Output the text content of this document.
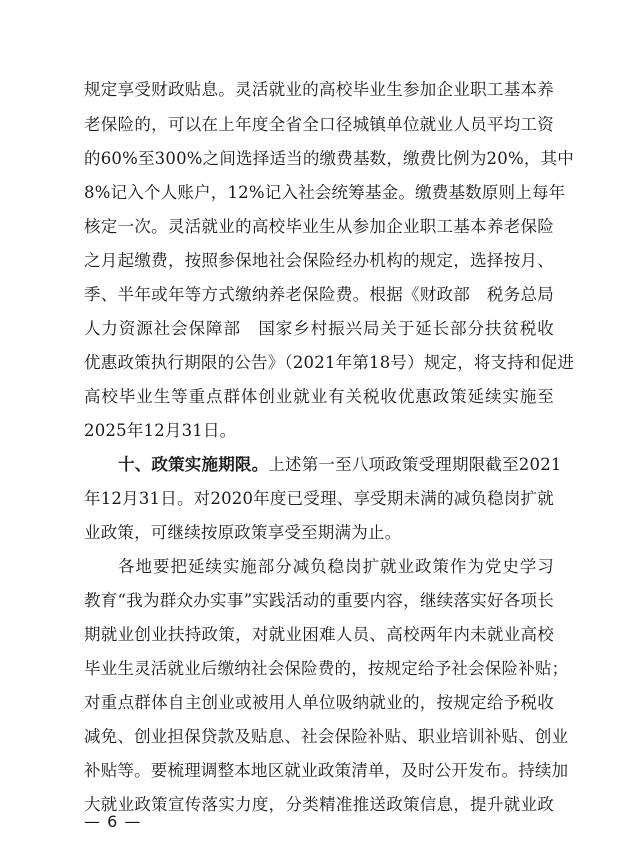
规定享受财政贴息。灵活就业的高校毕业生参加企业职工基本养
老保险的，可以在上年度全省全口径城镇单位就业人员平均工资
的60%至300%之间选择适当的缴费基数，缴费比例为20%，其中
8%记入个人账户，12%记入社会统筹基金。缴费基数原则上每年
核定一次。灵活就业的高校毕业生从参加企业职工基本养老保险
之月起缴费，按照参保地社会保险经办机构的规定，选择按月、
季、半年或年等方式缴纳养老保险费。根据《财政部　税务总局
人力资源社会保障部　国家乡村振兴局关于延长部分扶贫税收
优惠政策执行期限的公告》（2021年第18号）规定，将支持和促进
高校毕业生等重点群体创业就业有关税收优惠政策延续实施至
2025年12月31日。
十、政策实施期限。上述第一至八项政策受理期限截至2021
年12月31日。对2020年度已受理、享受期未满的减负稳岗扩就
业政策，可继续按原政策享受至期满为止。
各地要把延续实施部分减负稳岗扩就业政策作为党史学习
教育“我为群众办实事”实践活动的重要内容，继续落实好各项长
期就业创业扶持政策，对就业困难人员、高校两年内未就业高校
毕业生灵活就业后缴纳社会保险费的，按规定给予社会保险补贴；
对重点群体自主创业或被用人单位吸纳就业的，按规定给予税收
减免、创业担保贷款及贴息、社会保险补贴、职业培训补贴、创业
补贴等。要梳理调整本地区就业政策清单，及时公开发布。持续加
大就业政策宣传落实力度，分类精准推送政策信息，提升就业政
— 6 —
